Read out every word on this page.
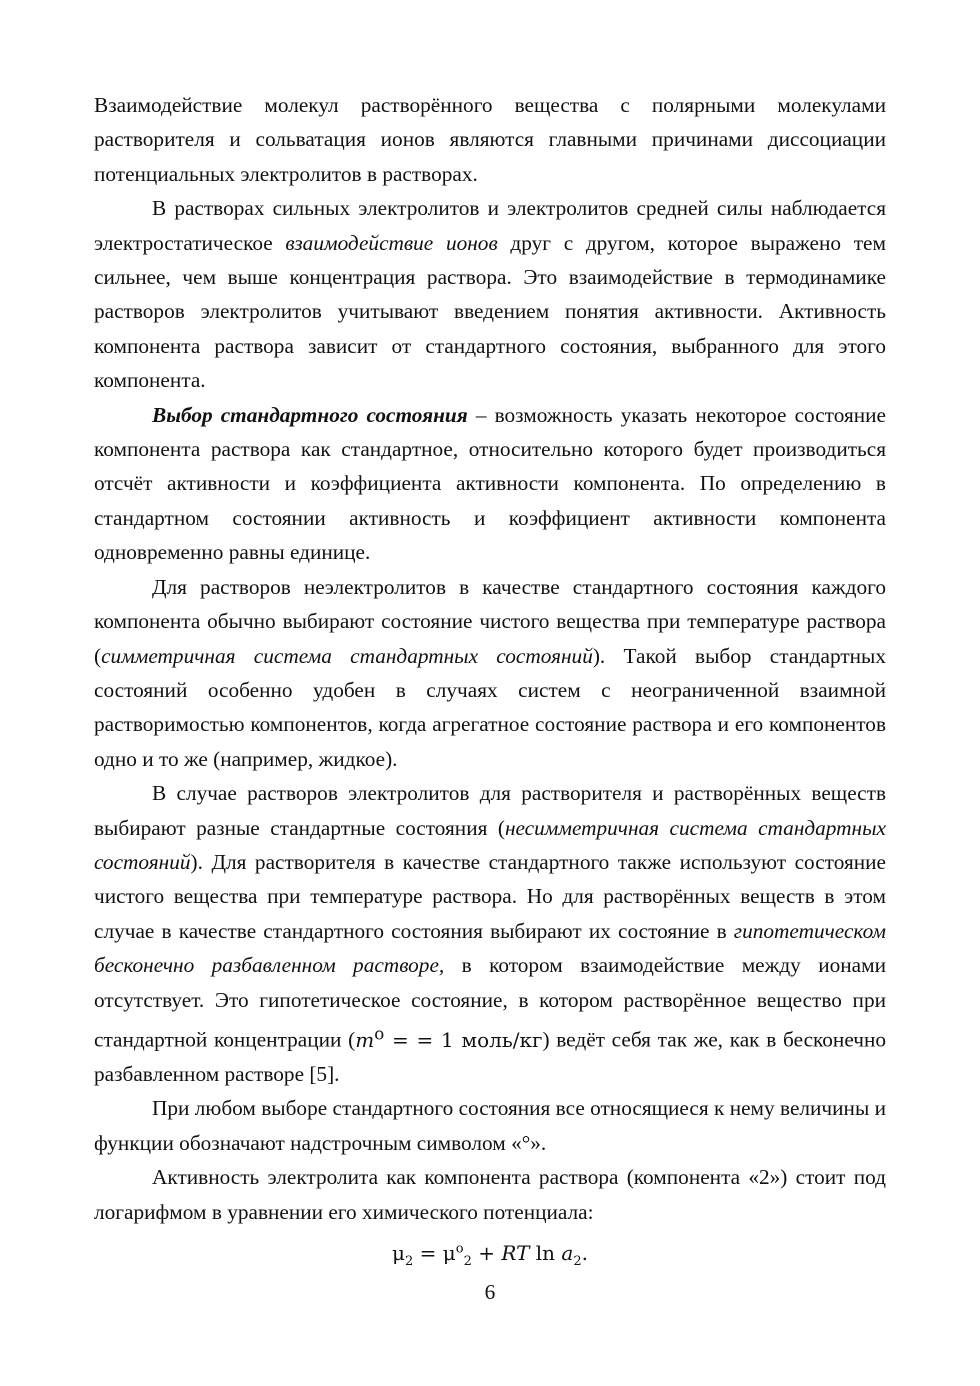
Взаимодействие молекул растворённого вещества с полярными молекулами растворителя и сольватация ионов являются главными причинами диссоциации потенциальных электролитов в растворах.

В растворах сильных электролитов и электролитов средней силы наблюдается электростатическое взаимодействие ионов друг с другом, которое выражено тем сильнее, чем выше концентрация раствора. Это взаимодействие в термодинамике растворов электролитов учитывают введением понятия активности. Активность компонента раствора зависит от стандартного состояния, выбранного для этого компонента.

Выбор стандартного состояния – возможность указать некоторое состояние компонента раствора как стандартное, относительно которого будет производиться отсчёт активности и коэффициента активности компонента. По определению в стандартном состоянии активность и коэффициент активности компонента одновременно равны единице.

Для растворов неэлектролитов в качестве стандартного состояния каждого компонента обычно выбирают состояние чистого вещества при температуре раствора (симметричная система стандартных состояний). Такой выбор стандартных состояний особенно удобен в случаях систем с неограниченной взаимной растворимостью компонентов, когда агрегатное состояние раствора и его компонентов одно и то же (например, жидкое).

В случае растворов электролитов для растворителя и растворённых веществ выбирают разные стандартные состояния (несимметричная система стандартных состояний). Для растворителя в качестве стандартного также используют состояние чистого вещества при температуре раствора. Но для растворённых веществ в этом случае в качестве стандартного состояния выбирают их состояние в гипотетическом бесконечно разбавленном растворе, в котором взаимодействие между ионами отсутствует. Это гипотетическое состояние, в котором растворённое вещество при стандартной концентрации ($m^o$ = = 1 моль/кг) ведёт себя так же, как в бесконечно разбавленном растворе [5].

При любом выборе стандартного состояния все относящиеся к нему величины и функции обозначают надстрочным символом «°».

Активность электролита как компонента раствора (компонента «2») стоит под логарифмом в уравнении его химического потенциала:

$\mu_2 = \mu^o_2$ + RT $\ln a_2$.
6
